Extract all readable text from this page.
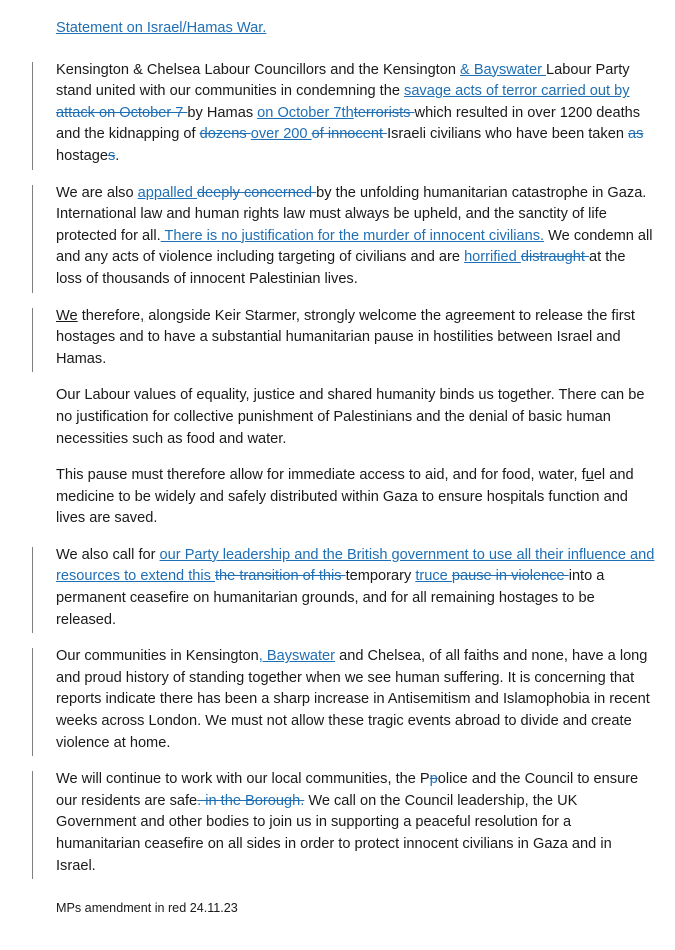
Statement on Israel/Hamas War.
Kensington & Chelsea Labour Councillors and the Kensington & Bayswater Labour Party stand united with our communities in condemning the savage acts of terror carried out by attack on October 7 by Hamas on October 7thterrorists which resulted in over 1200 deaths and the kidnapping of dozens over 200 of innocent Israeli civilians who have been taken as hostages.
We are also appalled deeply concerned by the unfolding humanitarian catastrophe in Gaza. International law and human rights law must always be upheld, and the sanctity of life protected for all. There is no justification for the murder of innocent civilians. We condemn all and any acts of violence including targeting of civilians and are horrified distraught at the loss of thousands of innocent Palestinian lives.
We therefore, alongside Keir Starmer, strongly welcome the agreement to release the first hostages and to have a substantial humanitarian pause in hostilities between Israel and Hamas.
Our Labour values of equality, justice and shared humanity binds us together. There can be no justification for collective punishment of Palestinians and the denial of basic human necessities such as food and water.
This pause must therefore allow for immediate access to aid, and for food, water, fuel and medicine to be widely and safely distributed within Gaza to ensure hospitals function and lives are saved.
We also call for our Party leadership and the British government to use all their influence and resources to extend this the transition of this temporary truce pause in violence into a permanent ceasefire on humanitarian grounds, and for all remaining hostages to be released.
Our communities in Kensington, Bayswater and Chelsea, of all faiths and none, have a long and proud history of standing together when we see human suffering. It is concerning that reports indicate there has been a sharp increase in Antisemitism and Islamophobia in recent weeks across London. We must not allow these tragic events abroad to divide and create violence at home.
We will continue to work with our local communities, the Ppolice and the Council to ensure our residents are safe. in the Borough. We call on the Council leadership, the UK Government and other bodies to join us in supporting a peaceful resolution for a humanitarian ceasefire on all sides in order to protect innocent civilians in Gaza and in Israel.
MPs amendment in red 24.11.23
